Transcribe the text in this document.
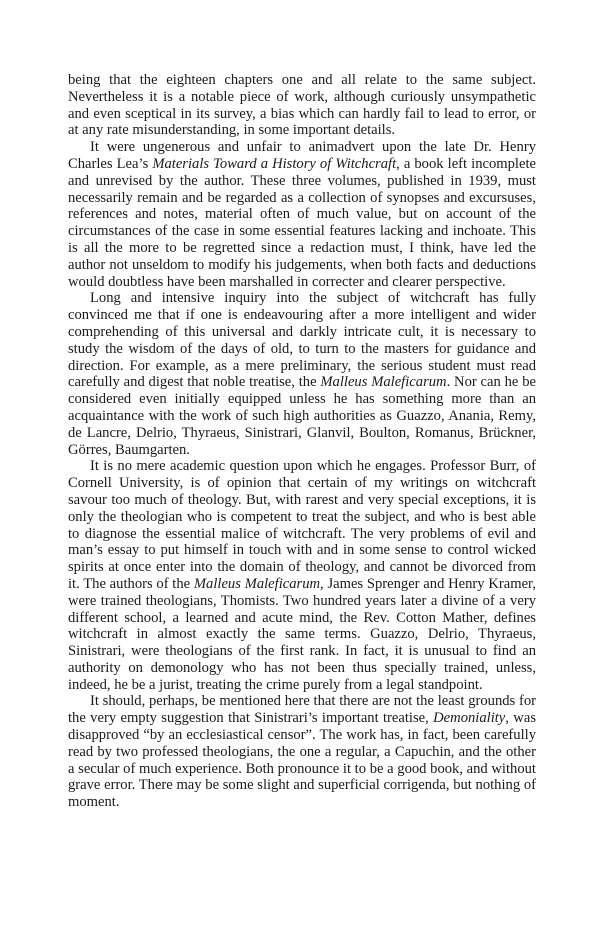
being that the eighteen chapters one and all relate to the same subject. Nevertheless it is a notable piece of work, although curiously unsympathetic and even sceptical in its survey, a bias which can hardly fail to lead to error, or at any rate misunderstanding, in some important details.

It were ungenerous and unfair to animadvert upon the late Dr. Henry Charles Lea’s Materials Toward a History of Witchcraft, a book left incomplete and unrevised by the author. These three volumes, published in 1939, must necessarily remain and be regarded as a collection of synopses and excursuses, references and notes, material often of much value, but on account of the circumstances of the case in some essential features lacking and inchoate. This is all the more to be regretted since a redaction must, I think, have led the author not unseldom to modify his judgements, when both facts and deductions would doubtless have been marshalled in correcter and clearer perspective.

Long and intensive inquiry into the subject of witchcraft has fully convinced me that if one is endeavouring after a more intelligent and wider comprehending of this universal and darkly intricate cult, it is necessary to study the wisdom of the days of old, to turn to the masters for guidance and direction. For example, as a mere preliminary, the serious student must read carefully and digest that noble treatise, the Malleus Maleficarum. Nor can he be considered even initially equipped unless he has something more than an acquaintance with the work of such high authorities as Guazzo, Anania, Remy, de Lancre, Delrio, Thyraeus, Sinistrari, Glanvil, Boulton, Romanus, Brückner, Görres, Baumgarten.

It is no mere academic question upon which he engages. Professor Burr, of Cornell University, is of opinion that certain of my writings on witchcraft savour too much of theology. But, with rarest and very special exceptions, it is only the theologian who is competent to treat the subject, and who is best able to diagnose the essential malice of witchcraft. The very problems of evil and man’s essay to put himself in touch with and in some sense to control wicked spirits at once enter into the domain of theology, and cannot be divorced from it. The authors of the Malleus Maleficarum, James Sprenger and Henry Kramer, were trained theologians, Thomists. Two hundred years later a divine of a very different school, a learned and acute mind, the Rev. Cotton Mather, defines witchcraft in almost exactly the same terms. Guazzo, Delrio, Thyraeus, Sinistrari, were theologians of the first rank. In fact, it is unusual to find an authority on demonology who has not been thus specially trained, unless, indeed, he be a jurist, treating the crime purely from a legal standpoint.

It should, perhaps, be mentioned here that there are not the least grounds for the very empty suggestion that Sinistrari’s important treatise, Demoniality, was disapproved “by an ecclesiastical censor”. The work has, in fact, been carefully read by two professed theologians, the one a regular, a Capuchin, and the other a secular of much experience. Both pronounce it to be a good book, and without grave error. There may be some slight and superficial corrigenda, but nothing of moment.
